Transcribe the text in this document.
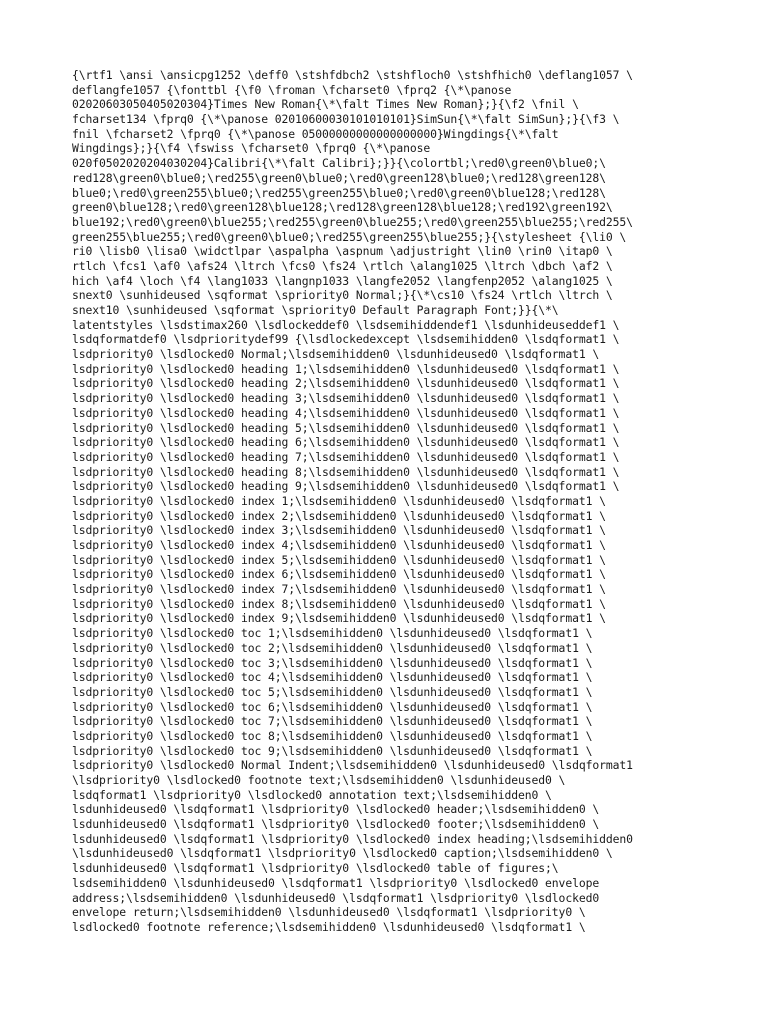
{\rtf1 \ansi \ansicpg1252 \deff0 \stshfdbch2 \stshfloch0 \stshfhich0 \deflang1057 \
deflangfe1057 {\fonttbl {\f0 \froman \fcharset0 \fprq2 {\*\panose
02020603050405020304}Times New Roman{\*\falt Times New Roman};}{\f2 \fnil \
fcharset134 \fprq0 {\*\panose 02010600030101010101}SimSun{\*\falt SimSun};}{\f3 \
fnil \fcharset2 \fprq0 {\*\panose 05000000000000000000}Wingdings{\*\falt
Wingdings};}{\f4 \fswiss \fcharset0 \fprq0 {\*\panose
020f0502020204030204}Calibri{\*\falt Calibri};}}{\colortbl;\red0\green0\blue0;\
red128\green0\blue0;\red255\green0\blue0;\red0\green128\blue0;\red128\green128\
blue0;\red0\green255\blue0;\red255\green255\blue0;\red0\green0\blue128;\red128\
green0\blue128;\red0\green128\blue128;\red128\green128\blue128;\red192\green192\
blue192;\red0\green0\blue255;\red255\green0\blue255;\red0\green255\blue255;\red255\
green255\blue255;\red0\green0\blue0;\red255\green255\blue255;}{\stylesheet {\li0 \
ri0 \lisb0 \lisa0 \widctlpar \aspalpha \aspnum \adjustright \lin0 \rin0 \itap0 \
rtlch \fcs1 \af0 \afs24 \ltrch \fcs0 \fs24 \rtlch \alang1025 \ltrch \dbch \af2 \
hich \af4 \loch \f4 \lang1033 \langnp1033 \langfe2052 \langfenp2052 \alang1025 \
snext0 \sunhideused \sqformat \spriority0 Normal;}{\*\cs10 \fs24 \rtlch \ltrch \
snext10 \sunhideused \sqformat \spriority0 Default Paragraph Font;}}{\*\
latentstyles \lsdstimax260 \lsdlockeddef0 \lsdsemihiddendef1 \lsdunhideuseddef1 \
lsdqformatdef0 \lsdprioritydef99 {\lsdlockedexcept \lsdsemihidden0 \lsdqformat1 \
lsdpriority0 \lsdlocked0 Normal;\lsdsemihidden0 \lsdunhideused0 \lsdqformat1 \
lsdpriority0 \lsdlocked0 heading 1;\lsdsemihidden0 \lsdunhideused0 \lsdqformat1 \
lsdpriority0 \lsdlocked0 heading 2;\lsdsemihidden0 \lsdunhideused0 \lsdqformat1 \
lsdpriority0 \lsdlocked0 heading 3;\lsdsemihidden0 \lsdunhideused0 \lsdqformat1 \
lsdpriority0 \lsdlocked0 heading 4;\lsdsemihidden0 \lsdunhideused0 \lsdqformat1 \
lsdpriority0 \lsdlocked0 heading 5;\lsdsemihidden0 \lsdunhideused0 \lsdqformat1 \
lsdpriority0 \lsdlocked0 heading 6;\lsdsemihidden0 \lsdunhideused0 \lsdqformat1 \
lsdpriority0 \lsdlocked0 heading 7;\lsdsemihidden0 \lsdunhideused0 \lsdqformat1 \
lsdpriority0 \lsdlocked0 heading 8;\lsdsemihidden0 \lsdunhideused0 \lsdqformat1 \
lsdpriority0 \lsdlocked0 heading 9;\lsdsemihidden0 \lsdunhideused0 \lsdqformat1 \
lsdpriority0 \lsdlocked0 index 1;\lsdsemihidden0 \lsdunhideused0 \lsdqformat1 \
lsdpriority0 \lsdlocked0 index 2;\lsdsemihidden0 \lsdunhideused0 \lsdqformat1 \
lsdpriority0 \lsdlocked0 index 3;\lsdsemihidden0 \lsdunhideused0 \lsdqformat1 \
lsdpriority0 \lsdlocked0 index 4;\lsdsemihidden0 \lsdunhideused0 \lsdqformat1 \
lsdpriority0 \lsdlocked0 index 5;\lsdsemihidden0 \lsdunhideused0 \lsdqformat1 \
lsdpriority0 \lsdlocked0 index 6;\lsdsemihidden0 \lsdunhideused0 \lsdqformat1 \
lsdpriority0 \lsdlocked0 index 7;\lsdsemihidden0 \lsdunhideused0 \lsdqformat1 \
lsdpriority0 \lsdlocked0 index 8;\lsdsemihidden0 \lsdunhideused0 \lsdqformat1 \
lsdpriority0 \lsdlocked0 index 9;\lsdsemihidden0 \lsdunhideused0 \lsdqformat1 \
lsdpriority0 \lsdlocked0 toc 1;\lsdsemihidden0 \lsdunhideused0 \lsdqformat1 \
lsdpriority0 \lsdlocked0 toc 2;\lsdsemihidden0 \lsdunhideused0 \lsdqformat1 \
lsdpriority0 \lsdlocked0 toc 3;\lsdsemihidden0 \lsdunhideused0 \lsdqformat1 \
lsdpriority0 \lsdlocked0 toc 4;\lsdsemihidden0 \lsdunhideused0 \lsdqformat1 \
lsdpriority0 \lsdlocked0 toc 5;\lsdsemihidden0 \lsdunhideused0 \lsdqformat1 \
lsdpriority0 \lsdlocked0 toc 6;\lsdsemihidden0 \lsdunhideused0 \lsdqformat1 \
lsdpriority0 \lsdlocked0 toc 7;\lsdsemihidden0 \lsdunhideused0 \lsdqformat1 \
lsdpriority0 \lsdlocked0 toc 8;\lsdsemihidden0 \lsdunhideused0 \lsdqformat1 \
lsdpriority0 \lsdlocked0 toc 9;\lsdsemihidden0 \lsdunhideused0 \lsdqformat1 \
lsdpriority0 \lsdlocked0 Normal Indent;\lsdsemihidden0 \lsdunhideused0 \lsdqformat1
\lsdpriority0 \lsdlocked0 footnote text;\lsdsemihidden0 \lsdunhideused0 \
lsdqformat1 \lsdpriority0 \lsdlocked0 annotation text;\lsdsemihidden0 \
lsdunhideused0 \lsdqformat1 \lsdpriority0 \lsdlocked0 header;\lsdsemihidden0 \
lsdunhideused0 \lsdqformat1 \lsdpriority0 \lsdlocked0 footer;\lsdsemihidden0 \
lsdunhideused0 \lsdqformat1 \lsdpriority0 \lsdlocked0 index heading;\lsdsemihidden0
\lsdunhideused0 \lsdqformat1 \lsdpriority0 \lsdlocked0 caption;\lsdsemihidden0 \
lsdunhideused0 \lsdqformat1 \lsdpriority0 \lsdlocked0 table of figures;\
lsdsemihidden0 \lsdunhideused0 \lsdqformat1 \lsdpriority0 \lsdlocked0 envelope
address;\lsdsemihidden0 \lsdunhideused0 \lsdqformat1 \lsdpriority0 \lsdlocked0
envelope return;\lsdsemihidden0 \lsdunhideused0 \lsdqformat1 \lsdpriority0 \
lsdlocked0 footnote reference;\lsdsemihidden0 \lsdunhideused0 \lsdqformat1 \
